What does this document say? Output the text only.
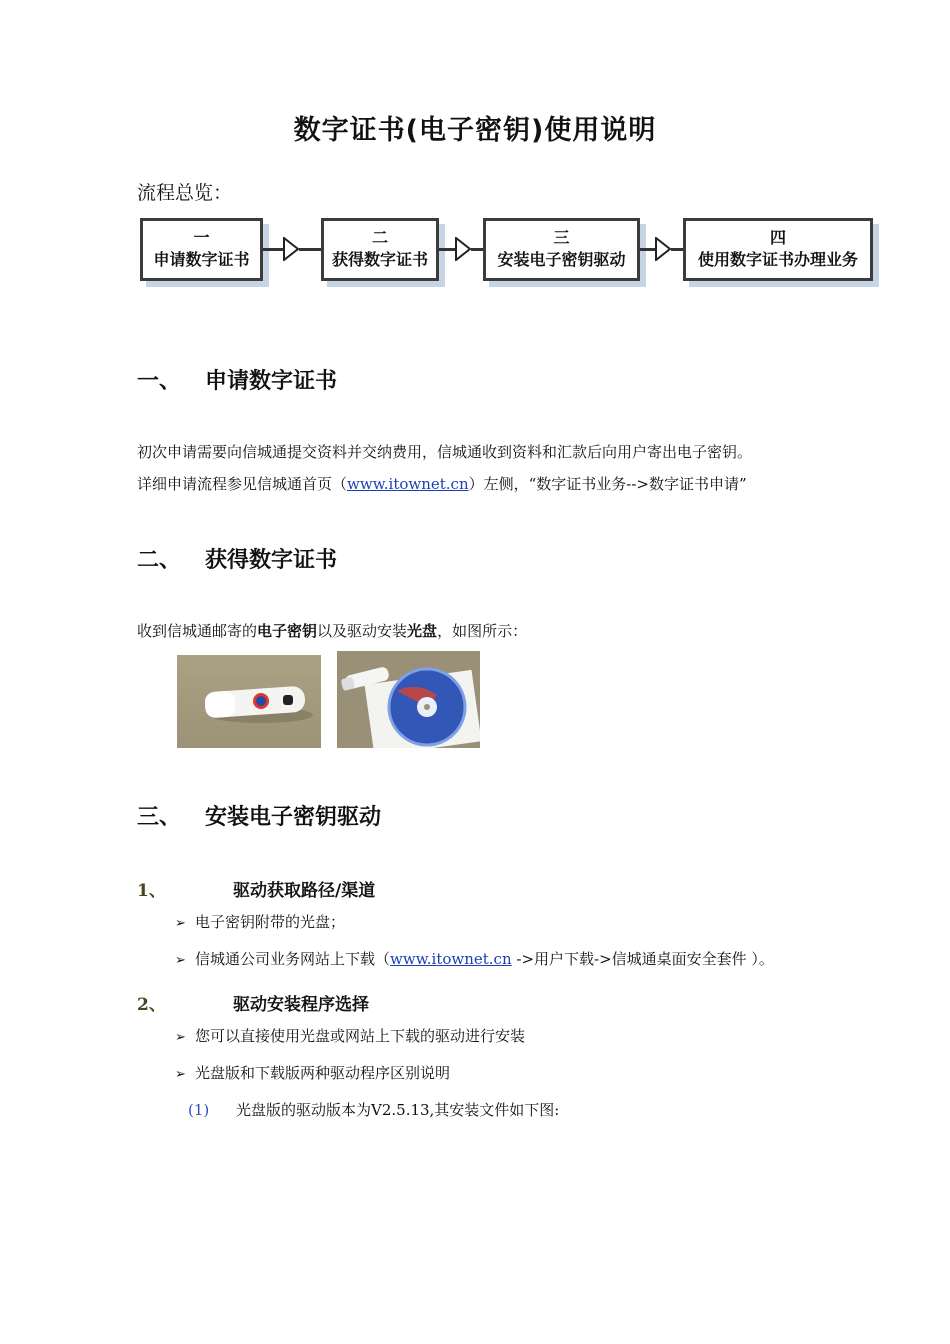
数字证书(电子密钥)使用说明
流程总览：
一
申请数字证书
二
获得数字证书
三
安装电子密钥驱动
四
使用数字证书办理业务
一、 申请数字证书
初次申请需要向信城通提交资料并交纳费用，信城通收到资料和汇款后向用户寄出电子密钥。
详细申请流程参见信城通首页（www.itownet.cn）左侧，“数字证书业务-->数字证书申请”
二、 获得数字证书
收到信城通邮寄的电子密钥以及驱动安装光盘，如图所示：
三、 安装电子密钥驱动
1、	驱动获取路径/渠道
➢ 电子密钥附带的光盘；
➢ 信城通公司业务网站上下载（www.itownet.cn ->用户下载->信城通桌面安全套件 ）。
2、	驱动安装程序选择
➢ 您可以直接使用光盘或网站上下载的驱动进行安装
➢ 光盘版和下载版两种驱动程序区别说明
(1) 光盘版的驱动版本为V2.5.13,其安装文件如下图:
